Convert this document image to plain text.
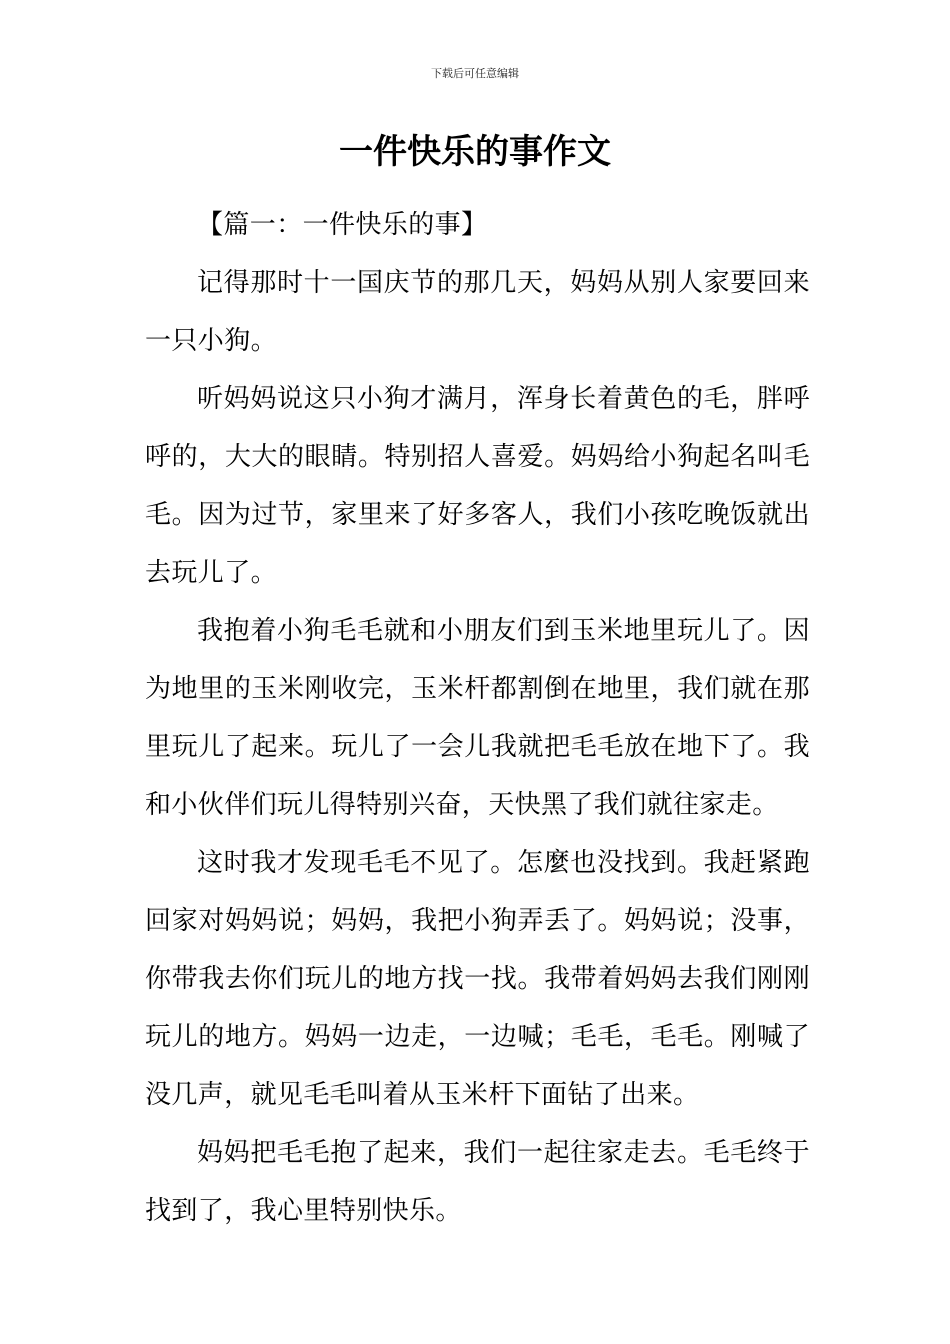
下载后可任意编辑
一件快乐的事作文

【篇一：一件快乐的事】

记得那时十一国庆节的那几天，妈妈从别人家要回来一只小狗。

听妈妈说这只小狗才满月，浑身长着黄色的毛，胖呼呼的，大大的眼睛。特别招人喜爱。妈妈给小狗起名叫毛毛。因为过节，家里来了好多客人，我们小孩吃晚饭就出去玩儿了。

我抱着小狗毛毛就和小朋友们到玉米地里玩儿了。因为地里的玉米刚收完，玉米杆都割倒在地里，我们就在那里玩儿了起来。玩儿了一会儿我就把毛毛放在地下了。我和小伙伴们玩儿得特别兴奋，天快黑了我们就往家走。

这时我才发现毛毛不见了。怎麼也没找到。我赶紧跑回家对妈妈说；妈妈，我把小狗弄丢了。妈妈说；没事，你带我去你们玩儿的地方找一找。我带着妈妈去我们刚刚玩儿的地方。妈妈一边走，一边喊；毛毛，毛毛。刚喊了没几声，就见毛毛叫着从玉米杆下面钻了出来。

妈妈把毛毛抱了起来，我们一起往家走去。毛毛终于找到了，我心里特别快乐。
